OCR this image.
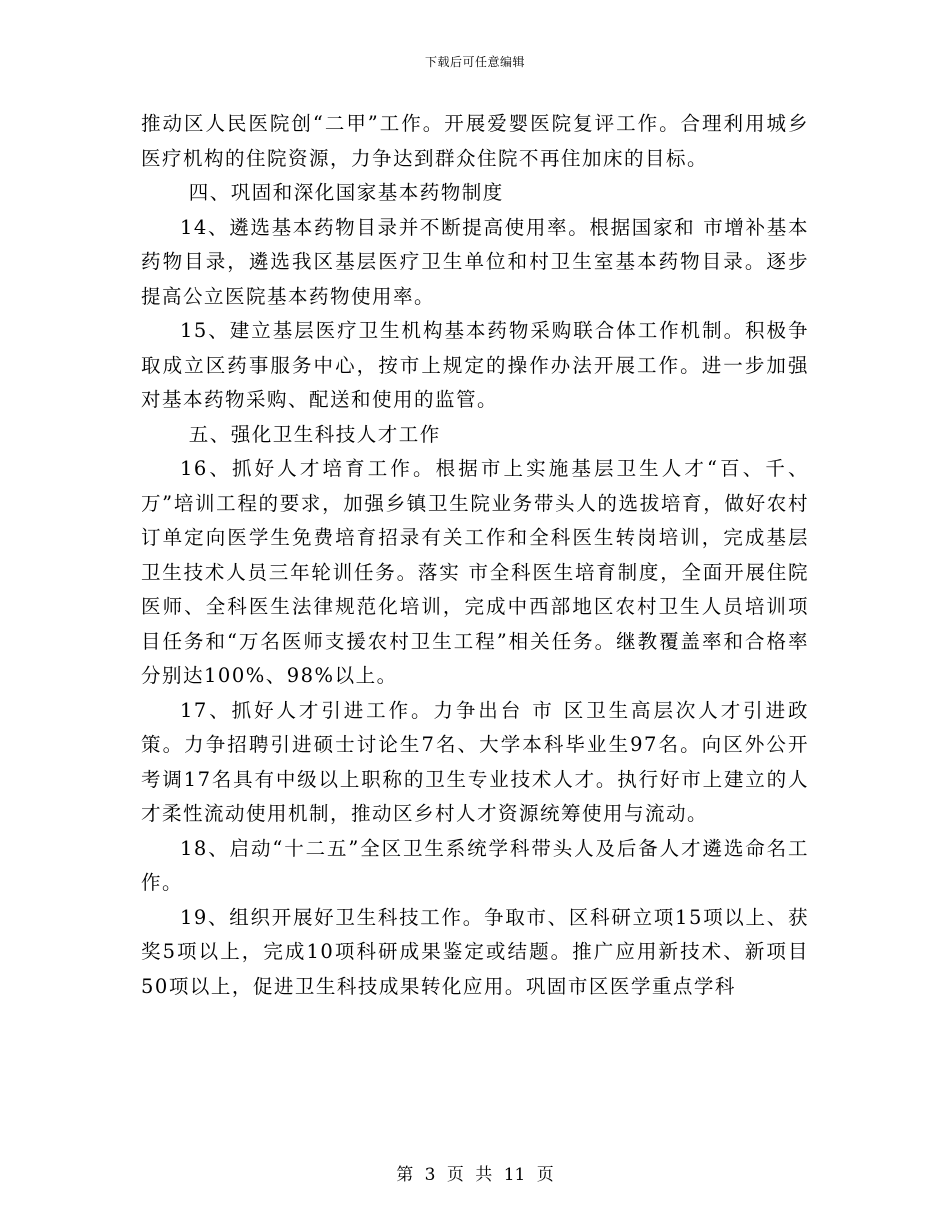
下载后可任意编辑

推动区人民医院创“二甲”工作。开展爱婴医院复评工作。合理利用城乡医疗机构的住院资源，力争达到群众住院不再住加床的目标。

四、巩固和深化国家基本药物制度

14、遴选基本药物目录并不断提高使用率。根据国家和 市增补基本药物目录，遴选我区基层医疗卫生单位和村卫生室基本药物目录。逐步提高公立医院基本药物使用率。

15、建立基层医疗卫生机构基本药物采购联合体工作机制。积极争取成立区药事服务中心，按市上规定的操作办法开展工作。进一步加强对基本药物采购、配送和使用的监管。

五、强化卫生科技人才工作

16、抓好人才培育工作。根据市上实施基层卫生人才“百、千、万”培训工程的要求，加强乡镇卫生院业务带头人的选拔培育，做好农村订单定向医学生免费培育招录有关工作和全科医生转岗培训，完成基层卫生技术人员三年轮训任务。落实 市全科医生培育制度，全面开展住院医师、全科医生法律规范化培训，完成中西部地区农村卫生人员培训项目任务和“万名医师支援农村卫生工程”相关任务。继教覆盖率和合格率分别达100%、98%以上。

17、抓好人才引进工作。力争出台 市 区卫生高层次人才引进政策。力争招聘引进硕士讨论生7名、大学本科毕业生97名。向区外公开考调17名具有中级以上职称的卫生专业技术人才。执行好市上建立的人才柔性流动使用机制，推动区乡村人才资源统筹使用与流动。

18、启动“十二五”全区卫生系统学科带头人及后备人才遴选命名工作。

19、组织开展好卫生科技工作。争取市、区科研立项15项以上、获奖5项以上，完成10项科研成果鉴定或结题。推广应用新技术、新项目50项以上，促进卫生科技成果转化应用。巩固市区医学重点学科

第 3 页 共 11 页
